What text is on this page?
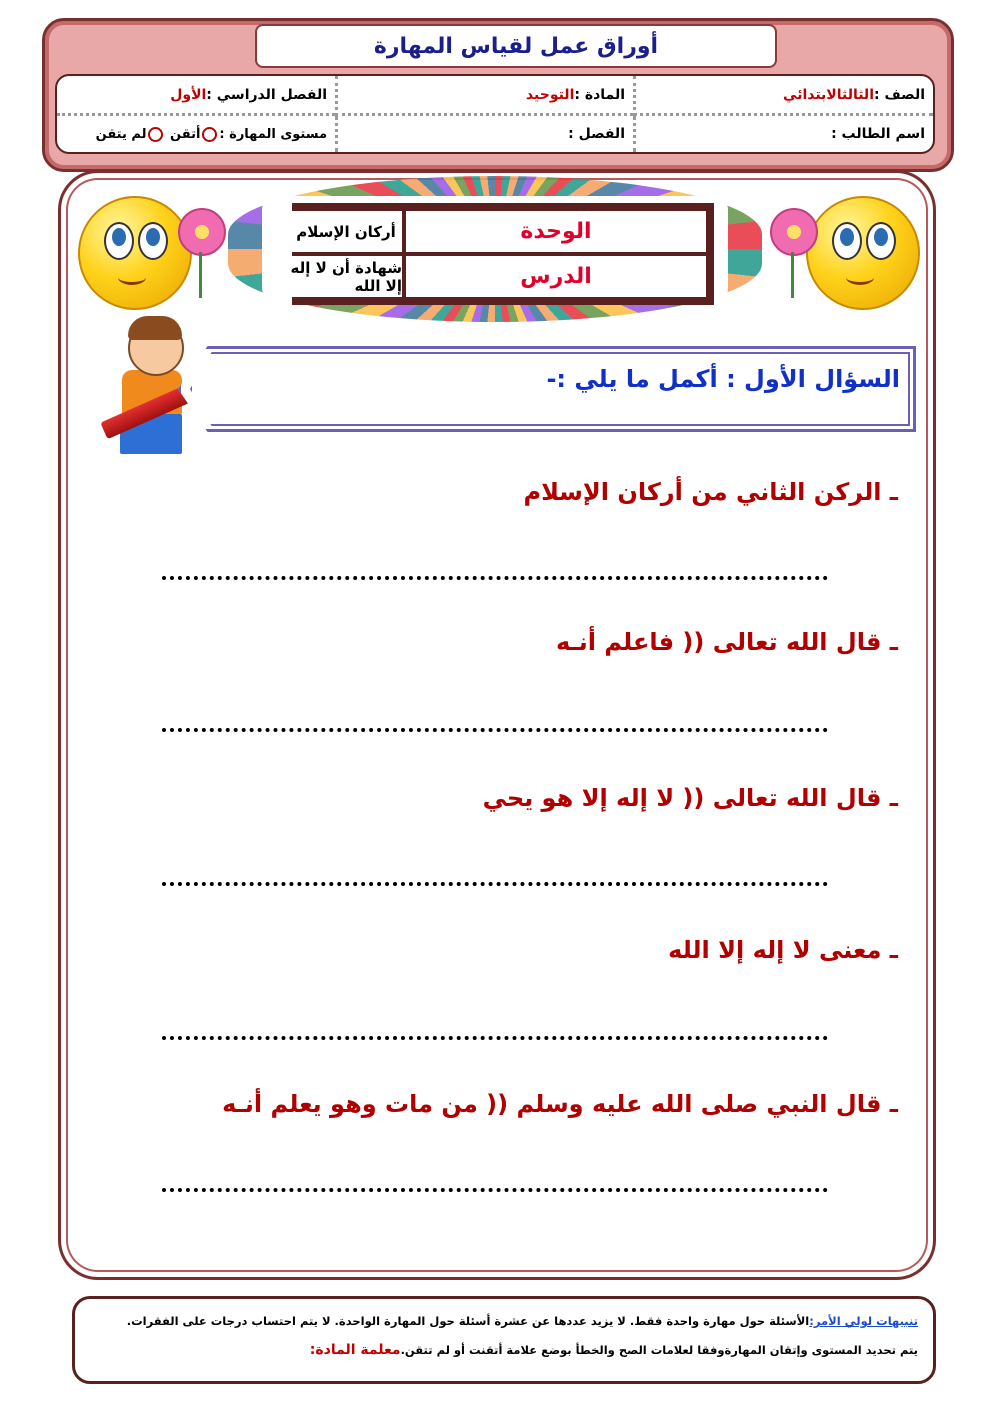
أوراق عمل لقياس المهارة
الصف :
الثالثالابتدائي
المادة :
التوحيد
الفصل الدراسي :
الأول
اسم الطالب :
الفصل :
مستوى المهارة :
أتقن

لم يتقن
الوحدة
أركان الإسلام
الدرس
شهادة أن لا إله إلا الله
السؤال الأول : أكمل ما يلي :-
ـ الركن الثاني من أركان الإسلام
ـ قال الله تعالى (( فاعلم أنـه
ـ قال الله تعالى (( لا إله إلا هو يحي
ـ معنى لا إله إلا الله
ـ قال النبي صلى الله عليه وسلم (( من مات وهو يعلم أنـه
تنبيهات لولي الأمر:الأسئلة حول مهارة واحدة فقط. لا يزيد عددها عن عشرة أسئلة حول المهارة الواحدة. لا يتم احتساب درجات على الفقرات.
يتم تحديد المستوى وإتقان المهارةوفقا لعلامات الصح والخطأ بوضع علامة أتقنت أو لم تتقن.معلمة المادة:
